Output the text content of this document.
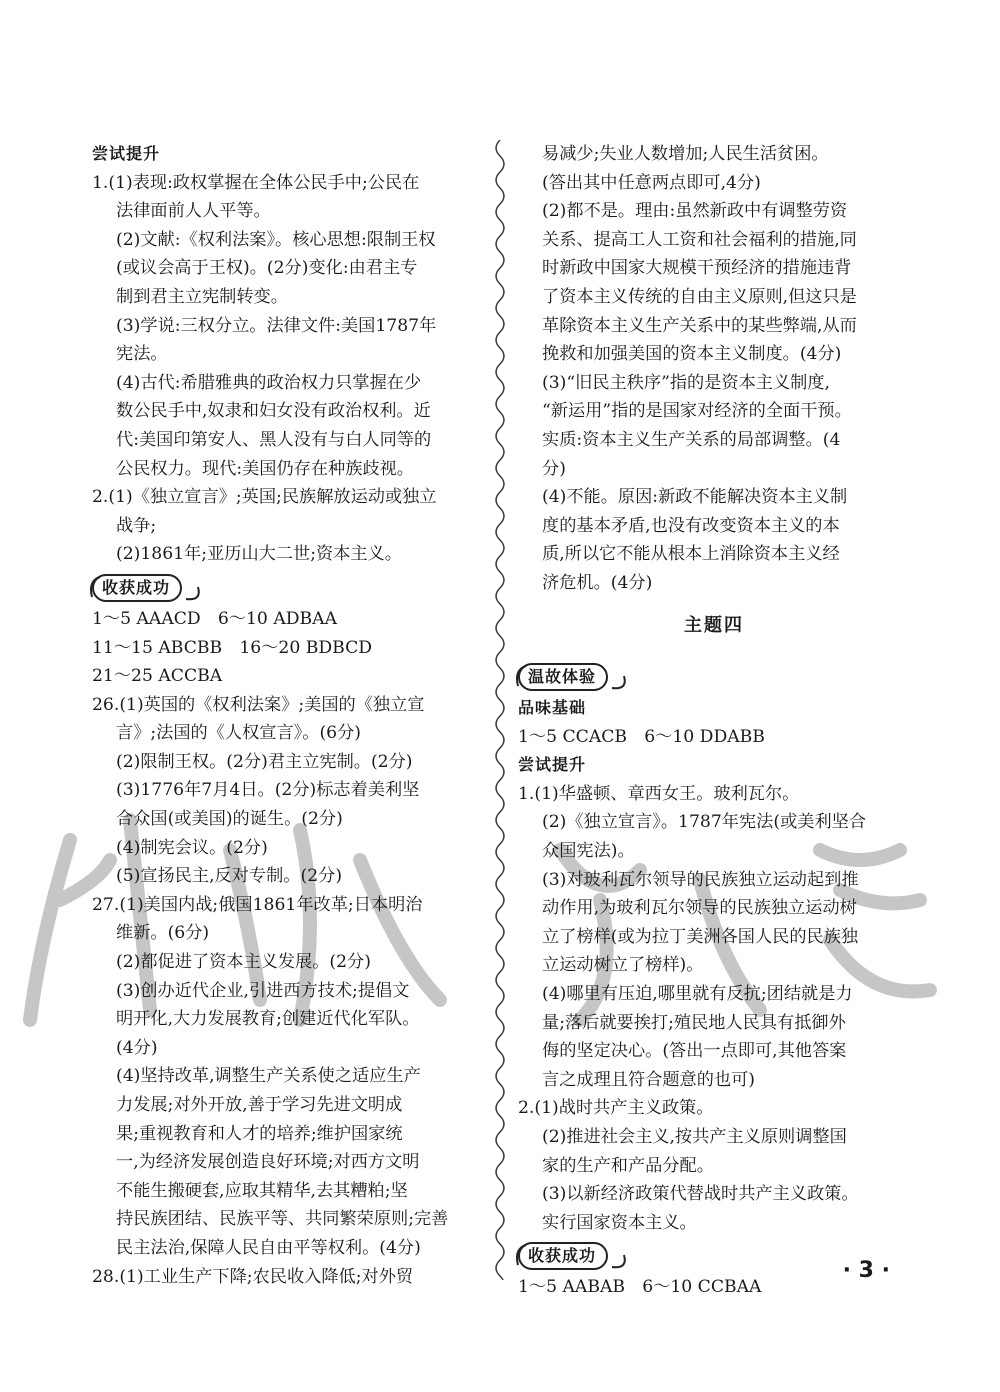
尝试提升
1.(1)表现:政权掌握在全体公民手中;公民在
法律面前人人平等。
(2)文献:《权利法案》。核心思想:限制王权
(或议会高于王权)。(2分)变化:由君主专
制到君主立宪制转变。
(3)学说:三权分立。法律文件:美国1787年
宪法。
(4)古代:希腊雅典的政治权力只掌握在少
数公民手中,奴隶和妇女没有政治权利。近
代:美国印第安人、黑人没有与白人同等的
公民权力。现代:美国仍存在种族歧视。
2.(1)《独立宣言》;英国;民族解放运动或独立
战争;
(2)1861年;亚历山大二世;资本主义。
收获成功
1～5 AAACD　6～10 ADBAA
11～15 ABCBB　16～20 BDBCD
21～25 ACCBA
26.(1)英国的《权利法案》;美国的《独立宣
言》;法国的《人权宣言》。(6分)
(2)限制王权。(2分)君主立宪制。(2分)
(3)1776年7月4日。(2分)标志着美利坚
合众国(或美国)的诞生。(2分)
(4)制宪会议。(2分)
(5)宣扬民主,反对专制。(2分)
27.(1)美国内战;俄国1861年改革;日本明治
维新。(6分)
(2)都促进了资本主义发展。(2分)
(3)创办近代企业,引进西方技术;提倡文
明开化,大力发展教育;创建近代化军队。
(4分)
(4)坚持改革,调整生产关系使之适应生产
力发展;对外开放,善于学习先进文明成
果;重视教育和人才的培养;维护国家统
一,为经济发展创造良好环境;对西方文明
不能生搬硬套,应取其精华,去其糟粕;坚
持民族团结、民族平等、共同繁荣原则;完善
民主法治,保障人民自由平等权利。(4分)
28.(1)工业生产下降;农民收入降低;对外贸
易减少;失业人数增加;人民生活贫困。
(答出其中任意两点即可,4分)
(2)都不是。理由:虽然新政中有调整劳资
关系、提高工人工资和社会福利的措施,同
时新政中国家大规模干预经济的措施违背
了资本主义传统的自由主义原则,但这只是
革除资本主义生产关系中的某些弊端,从而
挽救和加强美国的资本主义制度。(4分)
(3)“旧民主秩序”指的是资本主义制度,
“新运用”指的是国家对经济的全面干预。
实质:资本主义生产关系的局部调整。(4
分)
(4)不能。原因:新政不能解决资本主义制
度的基本矛盾,也没有改变资本主义的本
质,所以它不能从根本上消除资本主义经
济危机。(4分)
主题四
温故体验
品味基础
1～5 CCACB　6～10 DDABB
尝试提升
1.(1)华盛顿、章西女王。玻利瓦尔。
(2)《独立宣言》。1787年宪法(或美利坚合
众国宪法)。
(3)对玻利瓦尔领导的民族独立运动起到推
动作用,为玻利瓦尔领导的民族独立运动树
立了榜样(或为拉丁美洲各国人民的民族独
立运动树立了榜样)。
(4)哪里有压迫,哪里就有反抗;团结就是力
量;落后就要挨打;殖民地人民具有抵御外
侮的坚定决心。(答出一点即可,其他答案
言之成理且符合题意的也可)
2.(1)战时共产主义政策。
(2)推进社会主义,按共产主义原则调整国
家的生产和产品分配。
(3)以新经济政策代替战时共产主义政策。
实行国家资本主义。
收获成功
1～5 AABAB　6～10 CCBAA
· 3 ·
